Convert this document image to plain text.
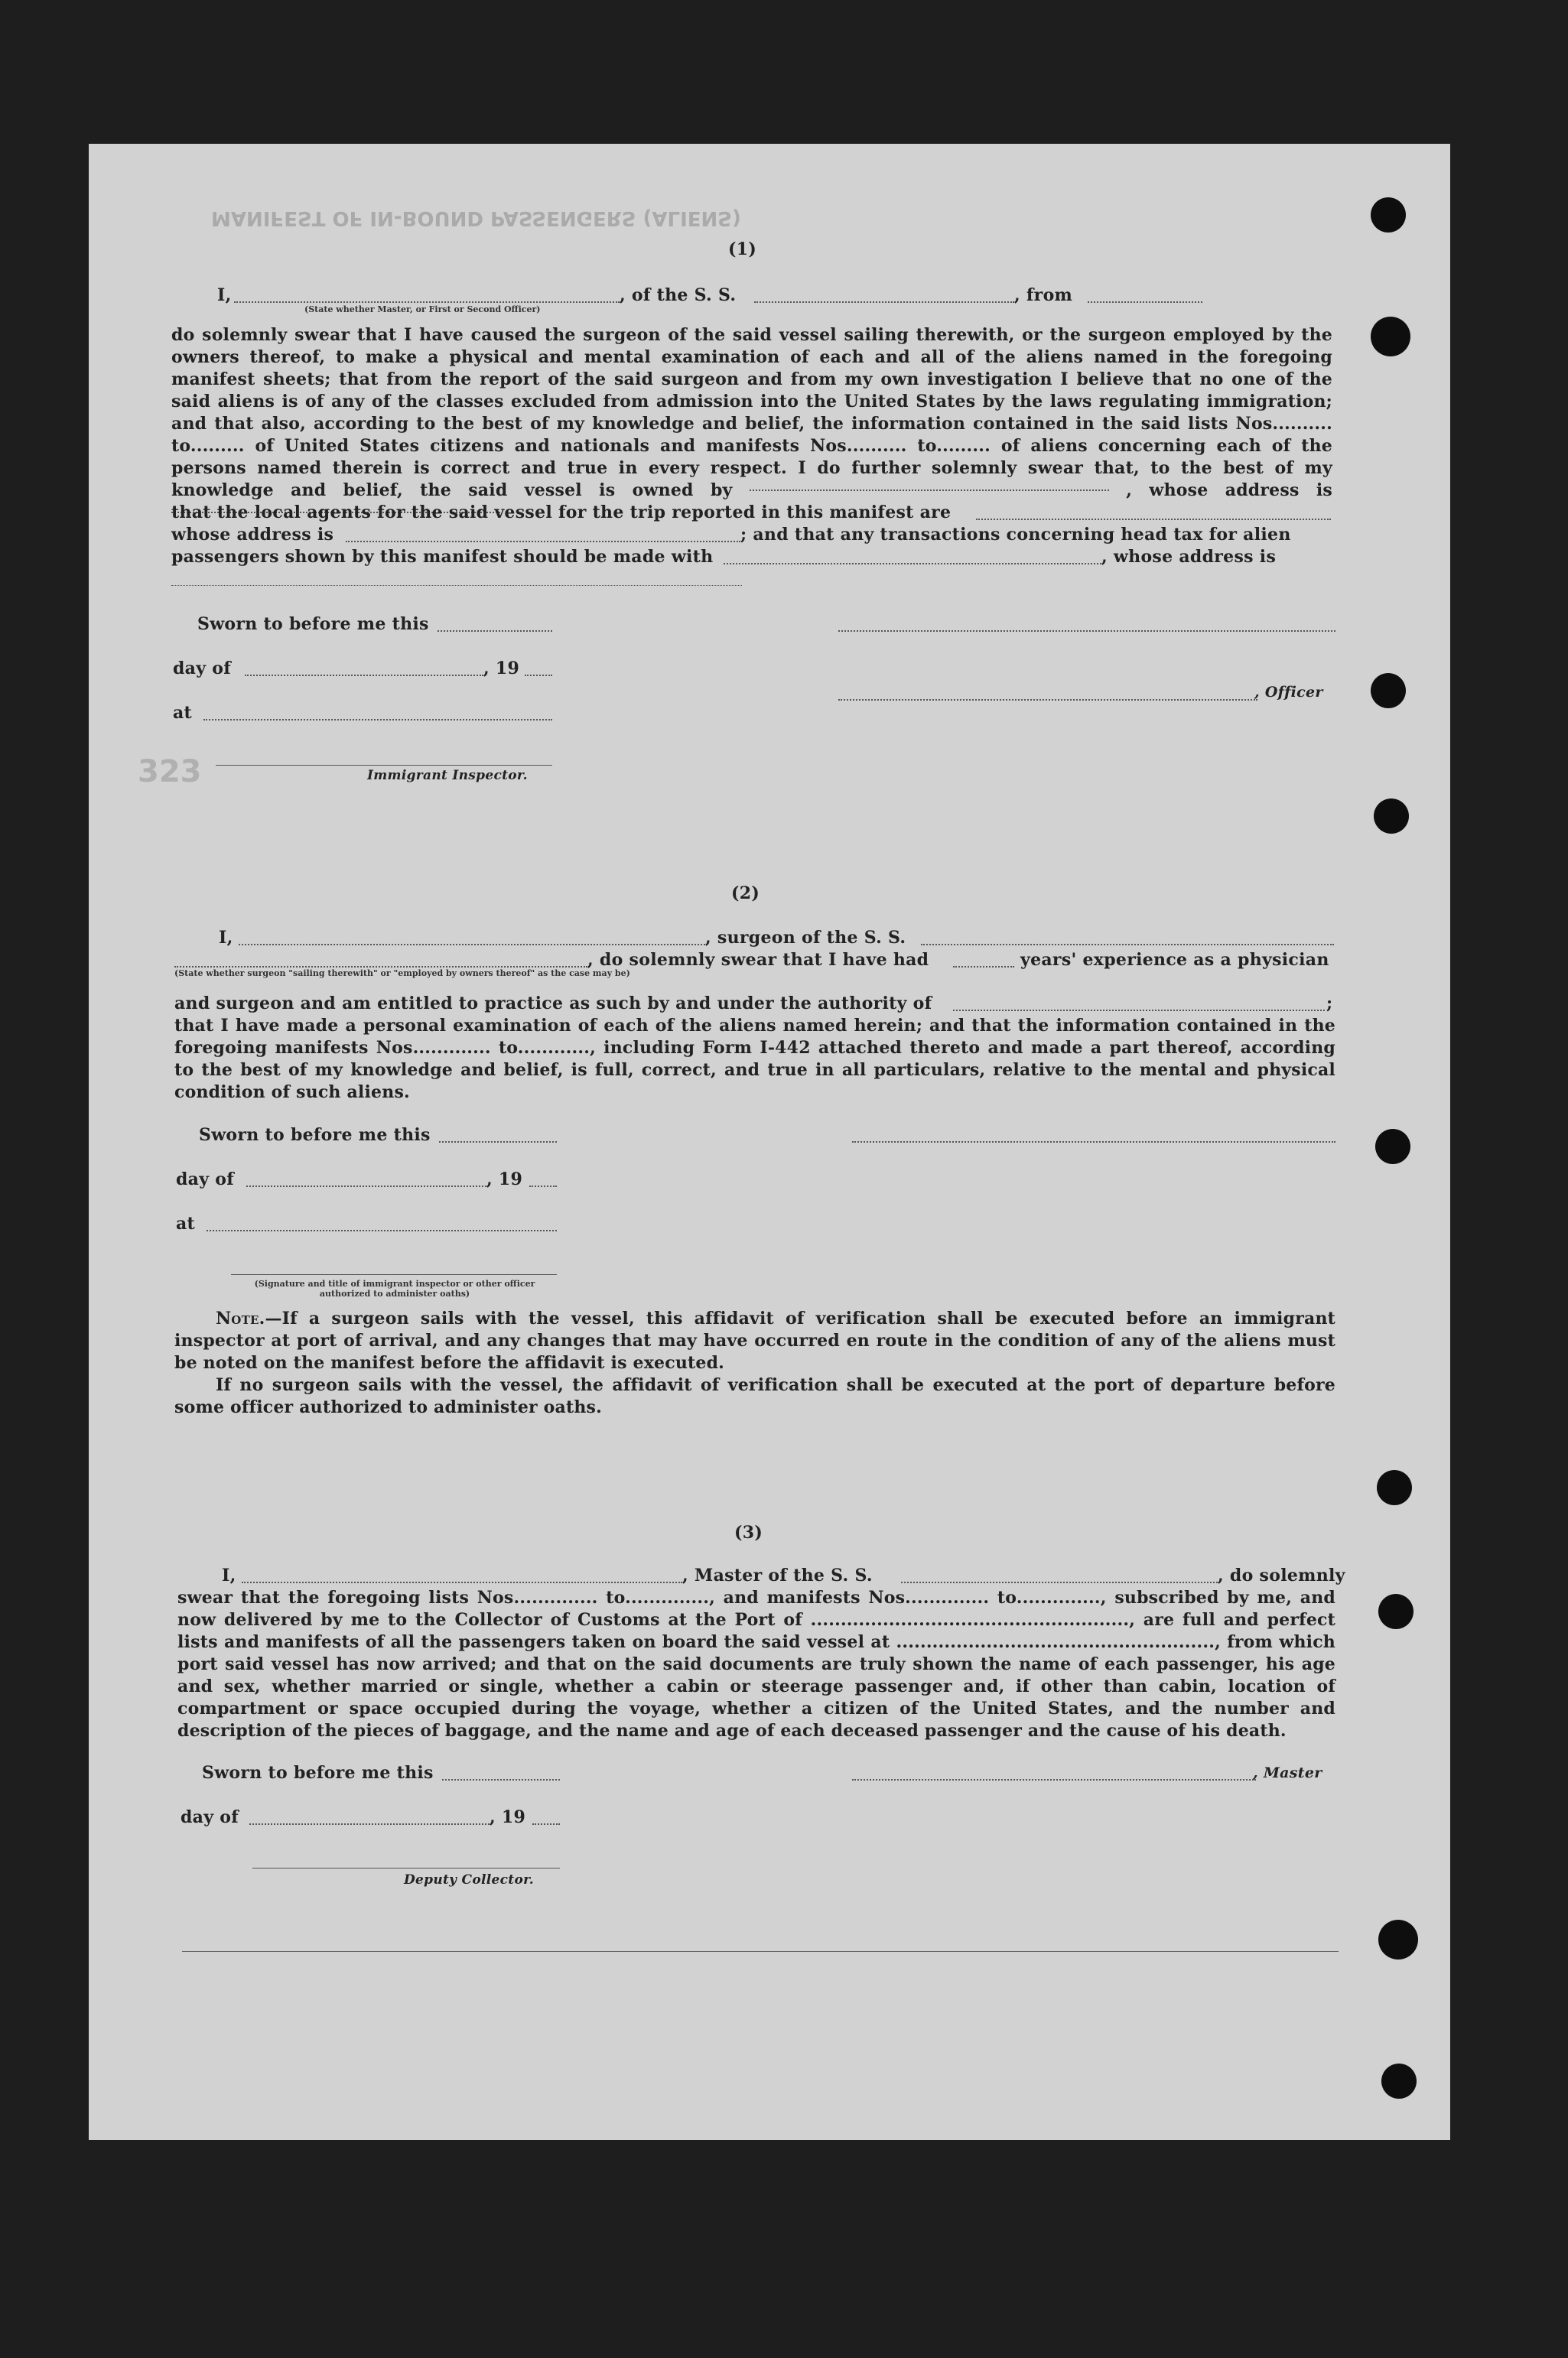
MANIFEST OF IN-BOUND PASSENGERS (ALIENS)
323
(1)
I,	, of the S. S.	, from
(State whether Master, or First or Second Officer)
do solemnly swear that I have caused the surgeon of the said vessel sailing therewith, or the surgeon employed by the owners thereof, to make a physical and mental examination of each and all of the aliens named in the foregoing manifest sheets; that from the report of the said surgeon and from my own investigation I believe that no one of the said aliens is of any of the classes excluded from admission into the United States by the laws regulating immigration; and that also, according to the best of my knowledge and belief, the information contained in the said lists Nos.......... to......... of United States citizens and nationals and manifests Nos.......... to......... of aliens concerning each of the persons named therein is correct and true in every respect. I do further solemnly swear that, to the best of my knowledge and belief, the said vessel is owned by	, whose address is
that the local agents for the said vessel for the trip reported in this manifest are
whose address is	; and that any transactions concerning head tax for alien
passengers shown by this manifest should be made with	, whose address is
Sworn to before me this
day of	, 19
, Officer
at
Immigrant Inspector.
(2)
I,	, surgeon of the S. S.
, do solemnly swear that I have had	years' experience as a physician
(State whether surgeon "sailing therewith" or "employed by owners thereof" as the case may be)
and surgeon and am entitled to practice as such by and under the authority of	;
that I have made a personal examination of each of the aliens named herein; and that the information contained in the foregoing manifests Nos............. to............, including Form I-442 attached thereto and made a part thereof, according to the best of my knowledge and belief, is full, correct, and true in all particulars, relative to the mental and physical condition of such aliens.
Sworn to before me this
day of	, 19
at
(Signature and title of immigrant inspector or other officer authorized to administer oaths)
Note.—If a surgeon sails with the vessel, this affidavit of verification shall be executed before an immigrant inspector at port of arrival, and any changes that may have occurred en route in the condition of any of the aliens must be noted on the manifest before the affidavit is executed.
If no surgeon sails with the vessel, the affidavit of verification shall be executed at the port of departure before some officer authorized to administer oaths.
(3)
I,	, Master of the S. S.	, do solemnly
swear that the foregoing lists Nos.............. to.............., and manifests Nos.............. to.............., subscribed by me, and now delivered by me to the Collector of Customs at the Port of ....................................................., are full and perfect lists and manifests of all the passengers taken on board the said vessel at ....................................................., from which port said vessel has now arrived; and that on the said documents are truly shown the name of each passenger, his age and sex, whether married or single, whether a cabin or steerage passenger and, if other than cabin, location of compartment or space occupied during the voyage, whether a citizen of the United States, and the number and description of the pieces of baggage, and the name and age of each deceased passenger and the cause of his death.
Sworn to before me this	, Master
day of	, 19
Deputy Collector.
